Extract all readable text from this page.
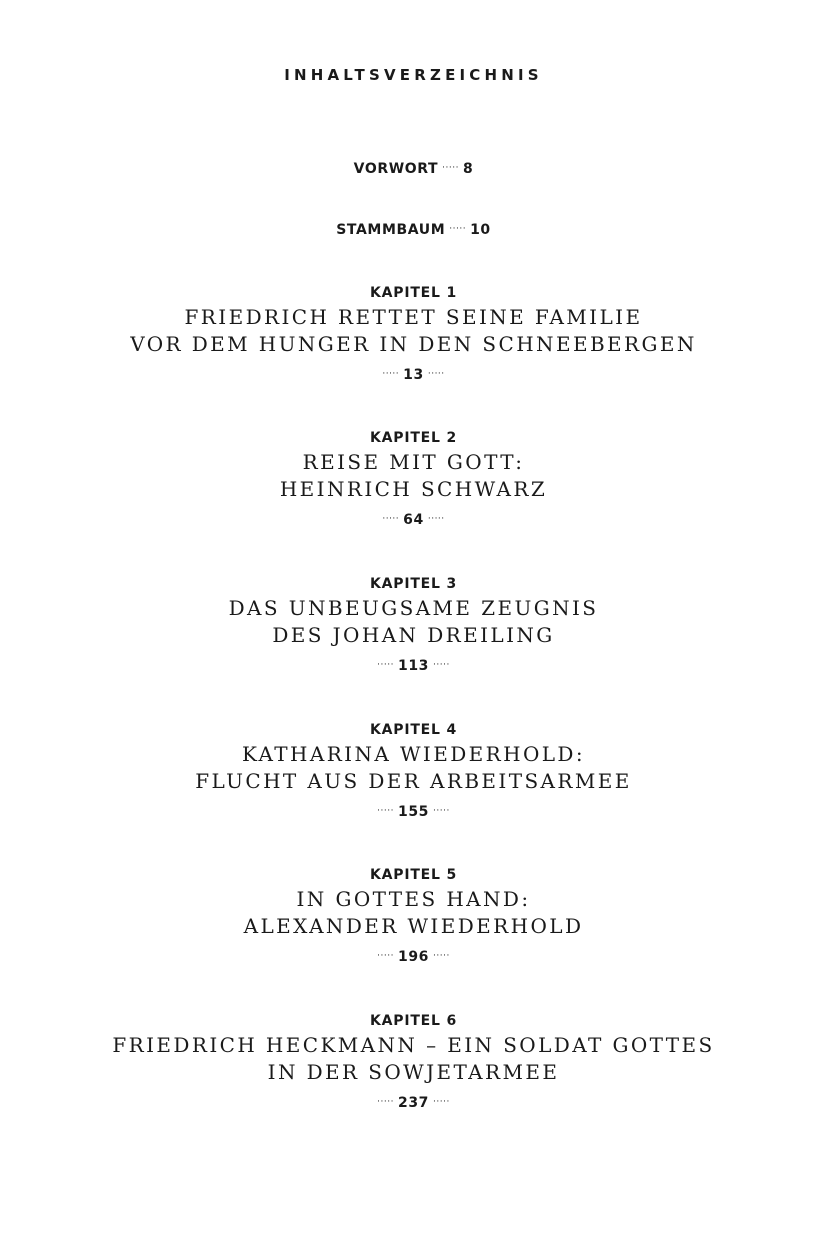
INHALTSVERZEICHNIS
VORWORT ····· 8
STAMMBAUM ····· 10
KAPITEL 1
FRIEDRICH RETTET SEINE FAMILIE
VOR DEM HUNGER IN DEN SCHNEEBERGEN
····· 13 ·····
KAPITEL 2
REISE MIT GOTT:
HEINRICH SCHWARZ
····· 64 ·····
KAPITEL 3
DAS UNBEUGSAME ZEUGNIS
DES JOHAN DREILING
····· 113 ·····
KAPITEL 4
KATHARINA WIEDERHOLD:
FLUCHT AUS DER ARBEITSARMEE
····· 155 ·····
KAPITEL 5
IN GOTTES HAND:
ALEXANDER WIEDERHOLD
····· 196 ·····
KAPITEL 6
FRIEDRICH HECKMANN – EIN SOLDAT GOTTES
IN DER SOWJETARMEE
····· 237 ·····
